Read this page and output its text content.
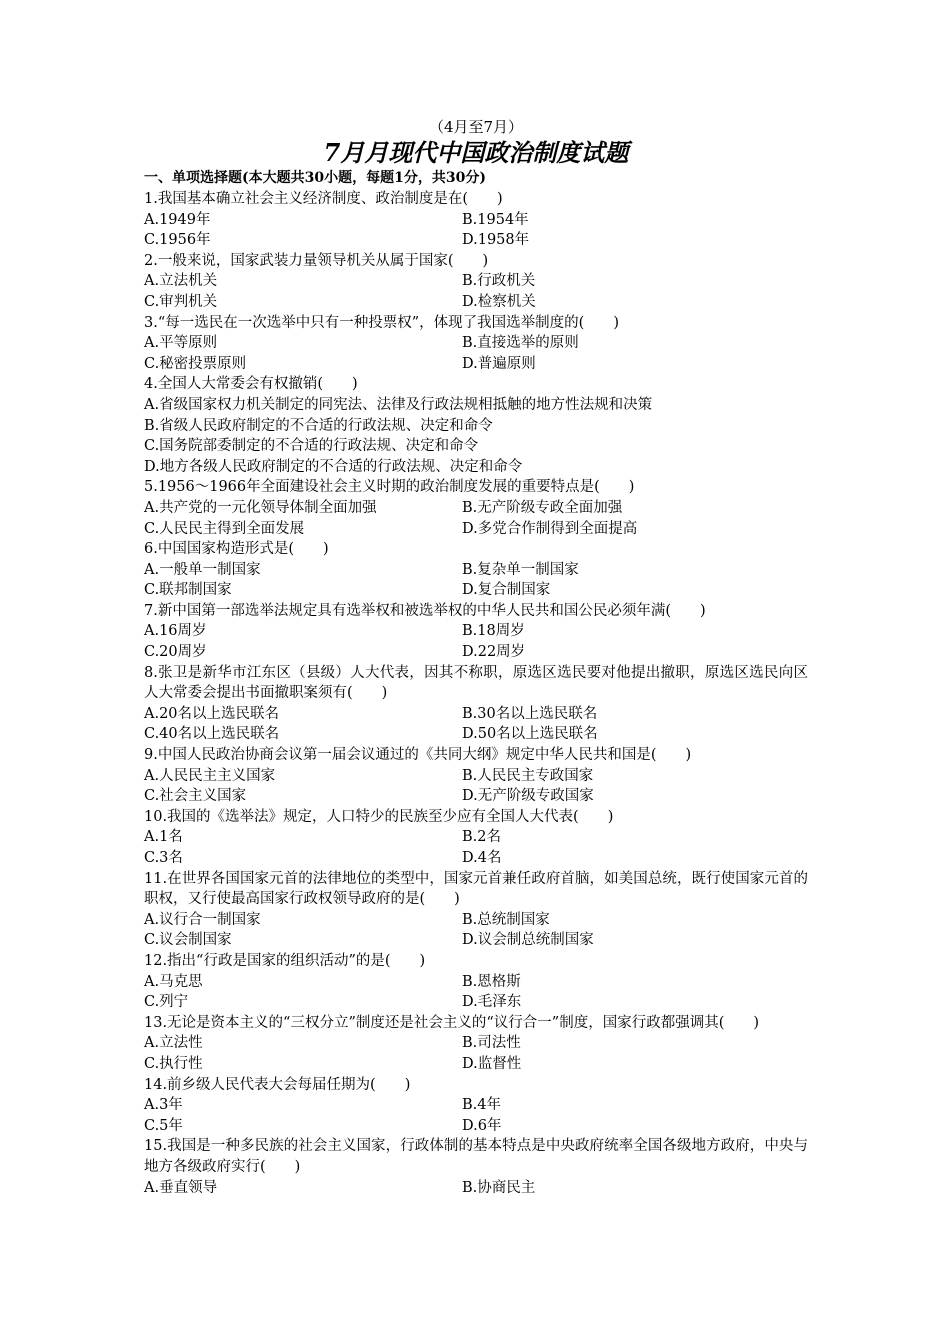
（4月至7月）
7月月现代中国政治制度试题
一、单项选择题(本大题共30小题，每题1分，共30分)
1.我国基本确立社会主义经济制度、政治制度是在(　　)
A.1949年	B.1954年
C.1956年	D.1958年
2.一般来说，国家武装力量领导机关从属于国家(　　)
A.立法机关	B.行政机关
C.审判机关	D.检察机关
3.“每一选民在一次选举中只有一种投票权”，体现了我国选举制度的(　　)
A.平等原则	B.直接选举的原则
C.秘密投票原则	D.普遍原则
4.全国人大常委会有权撤销(　　)
A.省级国家权力机关制定的同宪法、法律及行政法规相抵触的地方性法规和决策
B.省级人民政府制定的不合适的行政法规、决定和命令
C.国务院部委制定的不合适的行政法规、决定和命令
D.地方各级人民政府制定的不合适的行政法规、决定和命令
5.1956～1966年全面建设社会主义时期的政治制度发展的重要特点是(　　)
A.共产党的一元化领导体制全面加强	B.无产阶级专政全面加强
C.人民民主得到全面发展	D.多党合作制得到全面提高
6.中国国家构造形式是(　　)
A.一般单一制国家	B.复杂单一制国家
C.联邦制国家	D.复合制国家
7.新中国第一部选举法规定具有选举权和被选举权的中华人民共和国公民必须年满(　　)
A.16周岁	B.18周岁
C.20周岁	D.22周岁
8.张卫是新华市江东区（县级）人大代表，因其不称职，原选区选民要对他提出撤职，原选区选民向区人大常委会提出书面撤职案须有(　　)
A.20名以上选民联名	B.30名以上选民联名
C.40名以上选民联名	D.50名以上选民联名
9.中国人民政治协商会议第一届会议通过的《共同大纲》规定中华人民共和国是(　　)
A.人民民主主义国家	B.人民民主专政国家
C.社会主义国家	D.无产阶级专政国家
10.我国的《选举法》规定，人口特少的民族至少应有全国人大代表(　　)
A.1名	B.2名
C.3名	D.4名
11.在世界各国国家元首的法律地位的类型中，国家元首兼任政府首脑，如美国总统，既行使国家元首的职权，又行使最高国家行政权领导政府的是(　　)
A.议行合一制国家	B.总统制国家
C.议会制国家	D.议会制总统制国家
12.指出“行政是国家的组织活动”的是(　　)
A.马克思	B.恩格斯
C.列宁	D.毛泽东
13.无论是资本主义的“三权分立”制度还是社会主义的“议行合一”制度，国家行政都强调其(　　)
A.立法性	B.司法性
C.执行性	D.监督性
14.前乡级人民代表大会每届任期为(　　)
A.3年	B.4年
C.5年	D.6年
15.我国是一种多民族的社会主义国家，行政体制的基本特点是中央政府统率全国各级地方政府，中央与地方各级政府实行(　　)
A.垂直领导	B.协商民主
